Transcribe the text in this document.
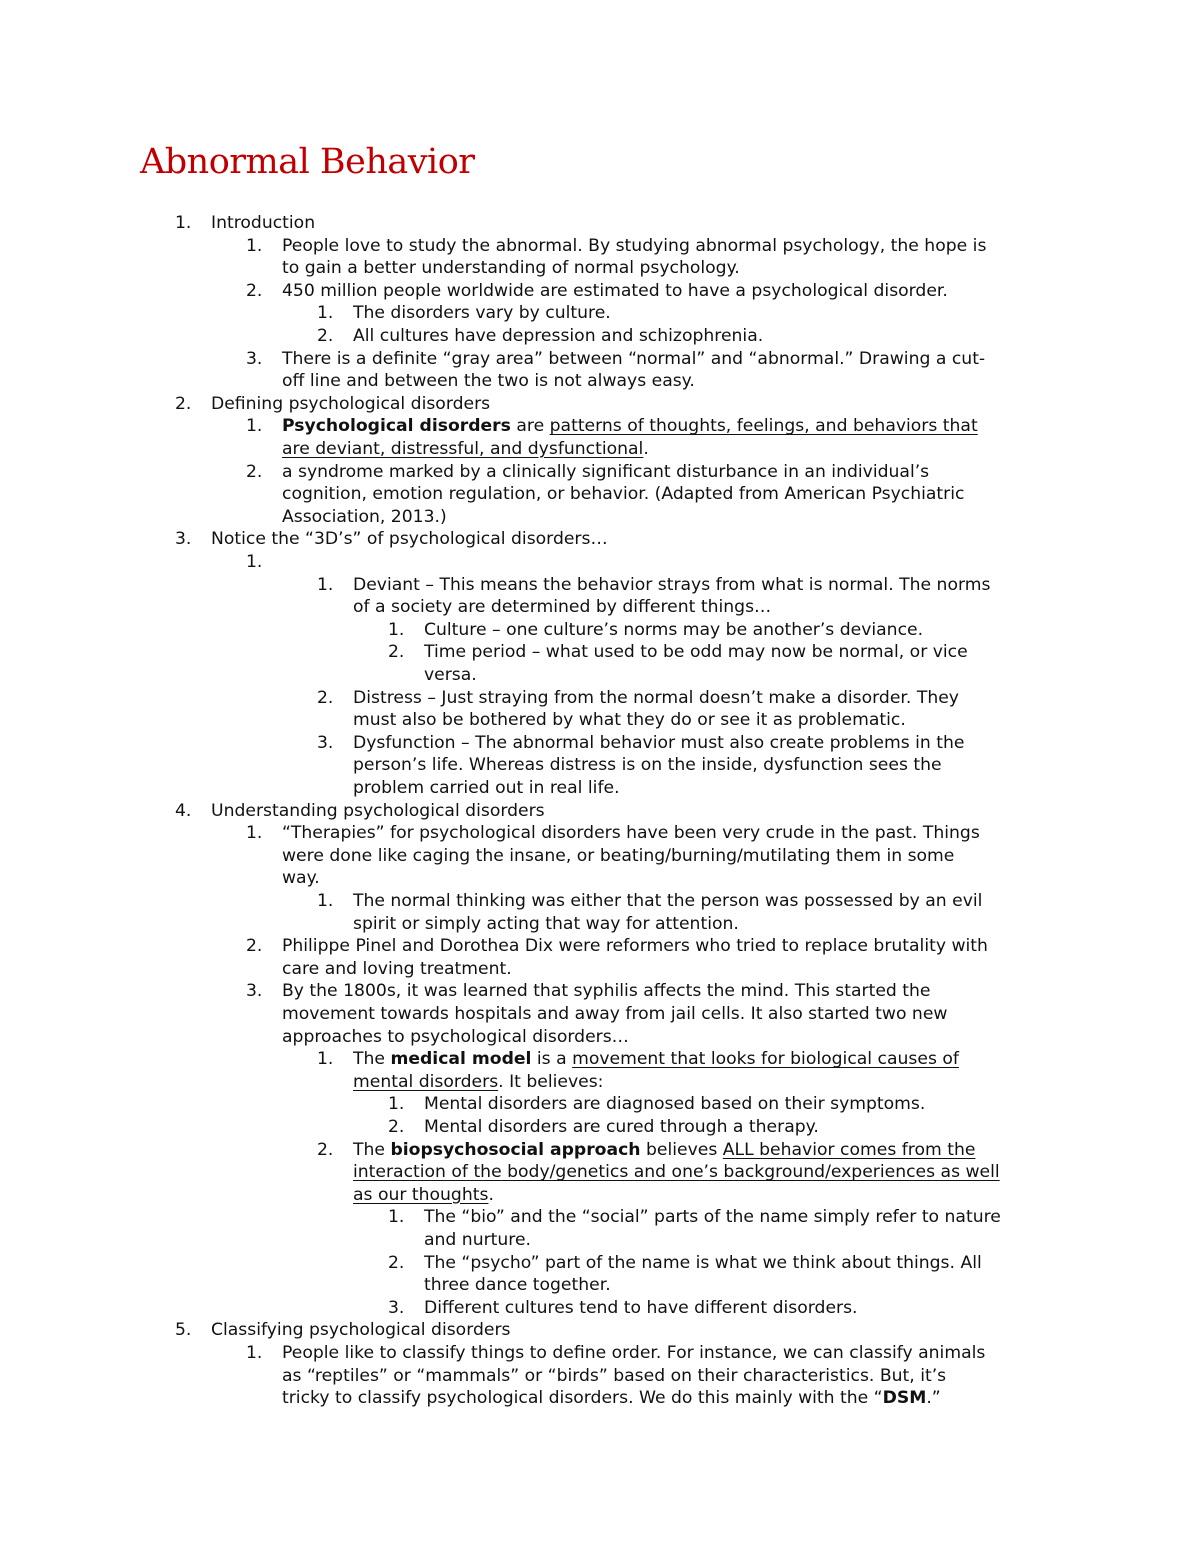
Abnormal Behavior
1. Introduction
1. People love to study the abnormal. By studying abnormal psychology, the hope is
to gain a better understanding of normal psychology.
2. 450 million people worldwide are estimated to have a psychological disorder.
1. The disorders vary by culture.
2. All cultures have depression and schizophrenia.
3. There is a definite “gray area” between “normal” and “abnormal.” Drawing a cut-
off line and between the two is not always easy.
2. Defining psychological disorders
1. Psychological disorders are patterns of thoughts, feelings, and behaviors that
are deviant, distressful, and dysfunctional.
2. a syndrome marked by a clinically significant disturbance in an individual’s
cognition, emotion regulation, or behavior. (Adapted from American Psychiatric
Association, 2013.)
3. Notice the “3D’s” of psychological disorders…
1.
1. Deviant – This means the behavior strays from what is normal. The norms
of a society are determined by different things…
1. Culture – one culture’s norms may be another’s deviance.
2. Time period – what used to be odd may now be normal, or vice
versa.
2. Distress – Just straying from the normal doesn’t make a disorder. They
must also be bothered by what they do or see it as problematic.
3. Dysfunction – The abnormal behavior must also create problems in the
person’s life. Whereas distress is on the inside, dysfunction sees the
problem carried out in real life.
4. Understanding psychological disorders
1. “Therapies” for psychological disorders have been very crude in the past. Things
were done like caging the insane, or beating/burning/mutilating them in some
way.
1. The normal thinking was either that the person was possessed by an evil
spirit or simply acting that way for attention.
2. Philippe Pinel and Dorothea Dix were reformers who tried to replace brutality with
care and loving treatment.
3. By the 1800s, it was learned that syphilis affects the mind. This started the
movement towards hospitals and away from jail cells. It also started two new
approaches to psychological disorders…
1. The medical model is a movement that looks for biological causes of
mental disorders. It believes:
1. Mental disorders are diagnosed based on their symptoms.
2. Mental disorders are cured through a therapy.
2. The biopsychosocial approach believes ALL behavior comes from the
interaction of the body/genetics and one’s background/experiences as well
as our thoughts.
1. The “bio” and the “social” parts of the name simply refer to nature
and nurture.
2. The “psycho” part of the name is what we think about things. All
three dance together.
3. Different cultures tend to have different disorders.
5. Classifying psychological disorders
1. People like to classify things to define order. For instance, we can classify animals
as “reptiles” or “mammals” or “birds” based on their characteristics. But, it’s
tricky to classify psychological disorders. We do this mainly with the “DSM.”
